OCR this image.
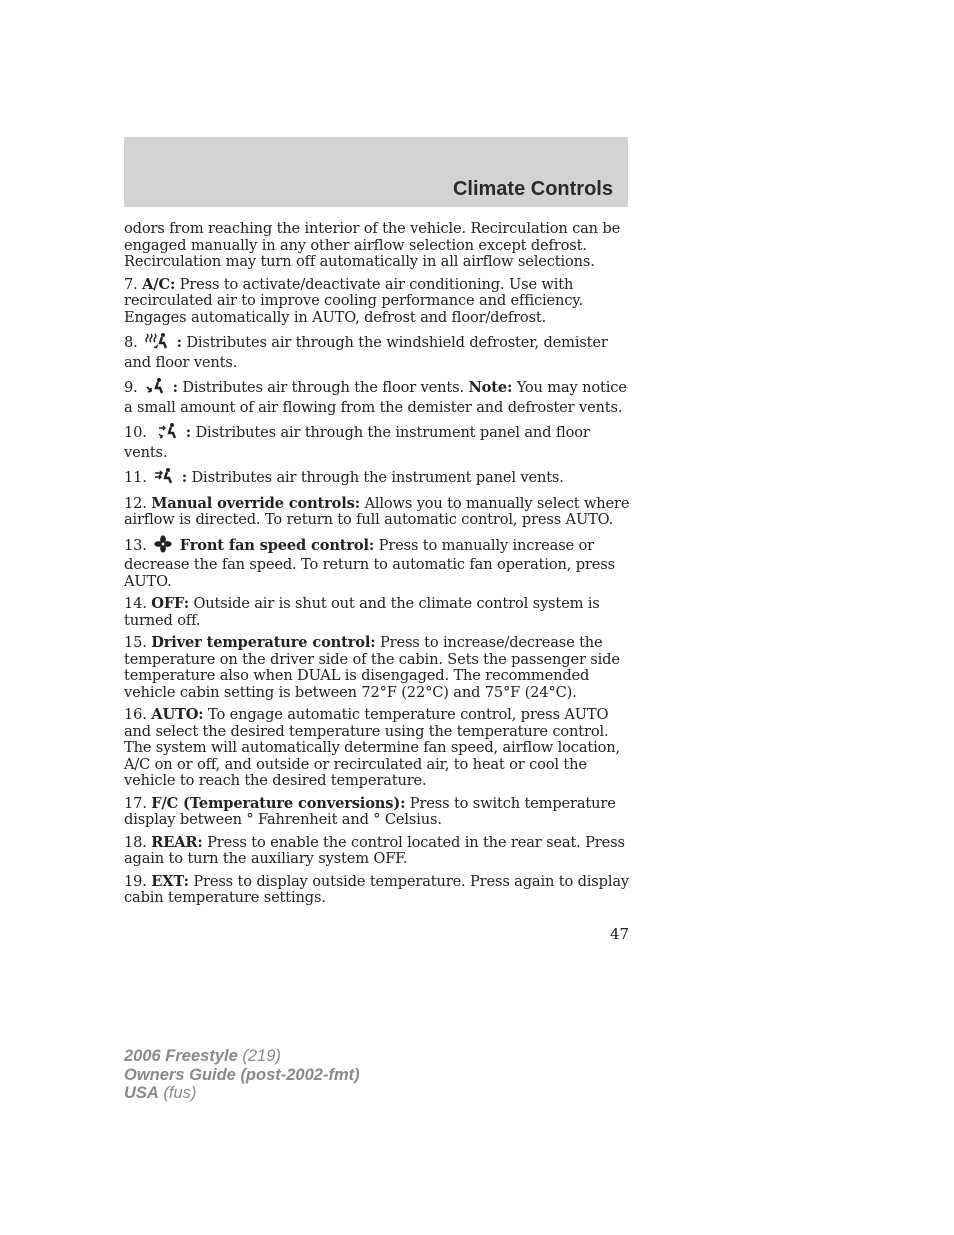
Climate Controls

odors from reaching the interior of the vehicle. Recirculation can be engaged manually in any other airflow selection except defrost. Recirculation may turn off automatically in all airflow selections.

7. A/C: Press to activate/deactivate air conditioning. Use with recirculated air to improve cooling performance and efficiency. Engages automatically in AUTO, defrost and floor/defrost.

8.	: Distributes air through the windshield defroster, demister and floor vents.

9. : Distributes air through the floor vents. Note: You may notice a small amount of air flowing from the demister and defroster vents.

10.	: Distributes air through the instrument panel and floor vents.

11. : Distributes air through the instrument panel vents.

12. Manual override controls: Allows you to manually select where airflow is directed. To return to full automatic control, press AUTO.

13. Front fan speed control: Press to manually increase or decrease the fan speed. To return to automatic fan operation, press AUTO.

14. OFF: Outside air is shut out and the climate control system is turned off.

15. Driver temperature control: Press to increase/decrease the temperature on the driver side of the cabin. Sets the passenger side temperature also when DUAL is disengaged. The recommended vehicle cabin setting is between 72°F (22°C) and 75°F (24°C).

16. AUTO: To engage automatic temperature control, press AUTO and select the desired temperature using the temperature control. The system will automatically determine fan speed, airflow location, A/C on or off, and outside or recirculated air, to heat or cool the vehicle to reach the desired temperature.

17. F/C (Temperature conversions): Press to switch temperature display between ° Fahrenheit and ° Celsius.

18. REAR: Press to enable the control located in the rear seat. Press again to turn the auxiliary system OFF.

19. EXT: Press to display outside temperature. Press again to display cabin temperature settings.

47
2006 Freestyle (219)
Owners Guide (post-2002-fmt)
USA (fus)
